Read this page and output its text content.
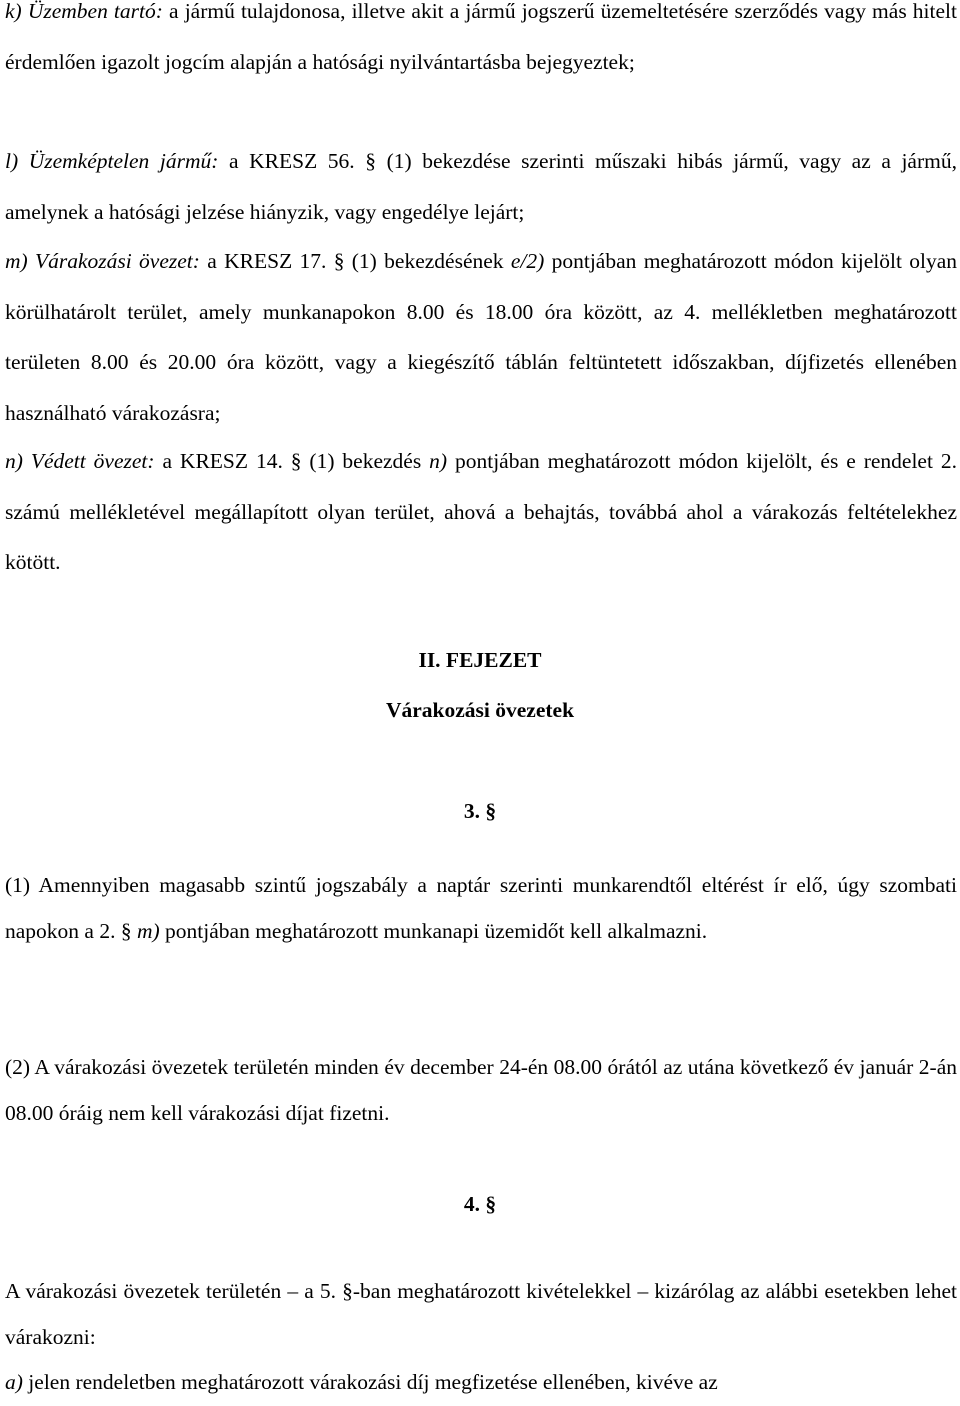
k) Üzemben tartó: a jármű tulajdonosa, illetve akit a jármű jogszerű üzemeltetésére szerződés vagy más hitelt érdemlően igazolt jogcím alapján a hatósági nyilvántartásba bejegyeztek;

l) Üzemképtelen jármű: a KRESZ 56. § (1) bekezdése szerinti műszaki hibás jármű, vagy az a jármű, amelynek a hatósági jelzése hiányzik, vagy engedélye lejárt;

m) Várakozási övezet: a KRESZ 17. § (1) bekezdésének e/2) pontjában meghatározott módon kijelölt olyan körülhatárolt terület, amely munkanapokon 8.00 és 18.00 óra között, az 4. mellékletben meghatározott területen 8.00 és 20.00 óra között, vagy a kiegészítő táblán feltüntetett időszakban, díjfizetés ellenében használható várakozásra;

n) Védett övezet: a KRESZ 14. § (1) bekezdés n) pontjában meghatározott módon kijelölt, és e rendelet 2. számú mellékletével megállapított olyan terület, ahová a behajtás, továbbá ahol a várakozás feltételekhez kötött.

II. FEJEZET

Várakozási övezetek

3. §

(1) Amennyiben magasabb szintű jogszabály a naptár szerinti munkarendtől eltérést ír elő, úgy szombati napokon a 2. § m) pontjában meghatározott munkanapi üzemidőt kell alkalmazni.

(2) A várakozási övezetek területén minden év december 24-én 08.00 órától az utána következő év január 2-án 08.00 óráig nem kell várakozási díjat fizetni.

4. §

A várakozási övezetek területén – a 5. §-ban meghatározott kivételekkel – kizárólag az alábbi esetekben lehet várakozni:

a) jelen rendeletben meghatározott várakozási díj megfizetése ellenében, kivéve az
